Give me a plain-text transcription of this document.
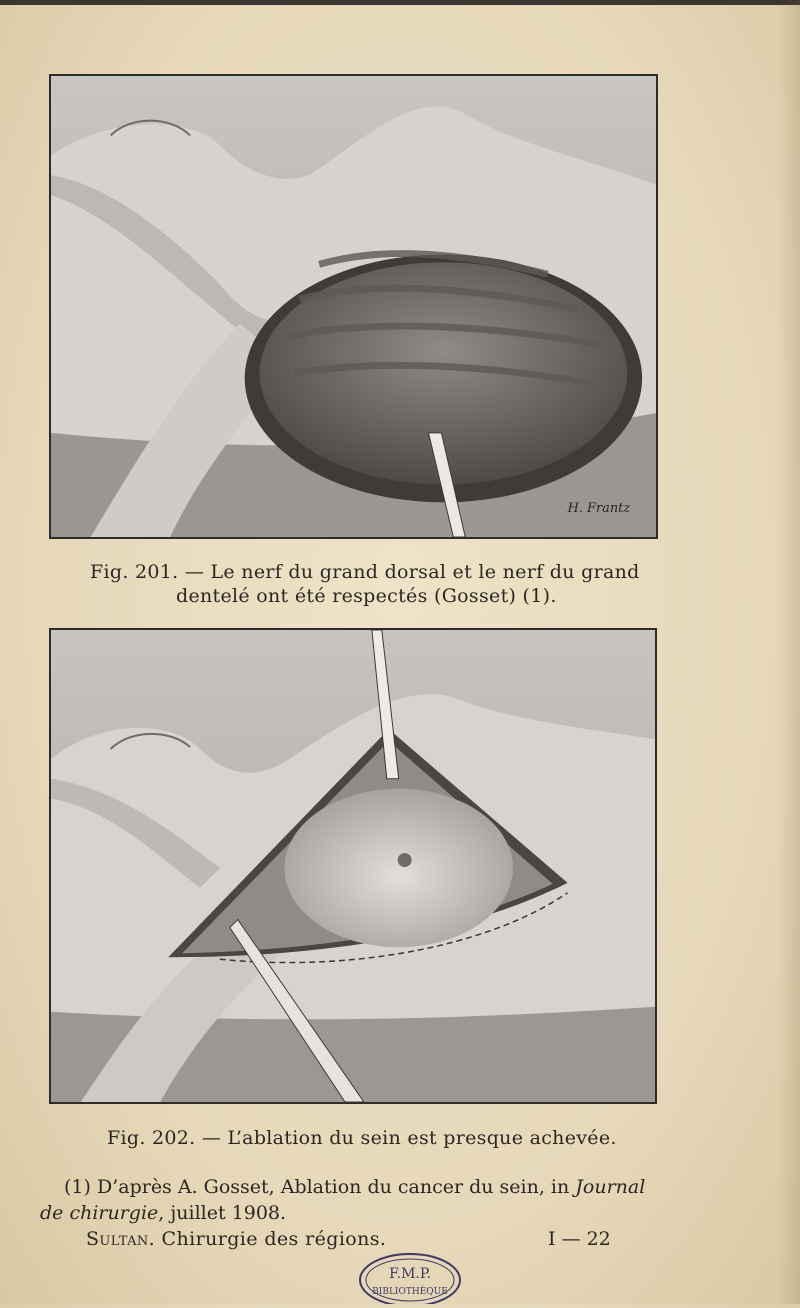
H. Frantz
Fig. 201. — Le nerf du grand dorsal et le nerf du grand
dentelé ont été respectés (Gosset) (1).
Fig. 202. — L’ablation du sein est presque achevée.
(1) D’après A. Gosset, Ablation du cancer du sein, in Journal
de chirurgie, juillet 1908.
Sultan. Chirurgie des régions.	I — 22
F.M.P.
BIBLIOTHÈQUE
